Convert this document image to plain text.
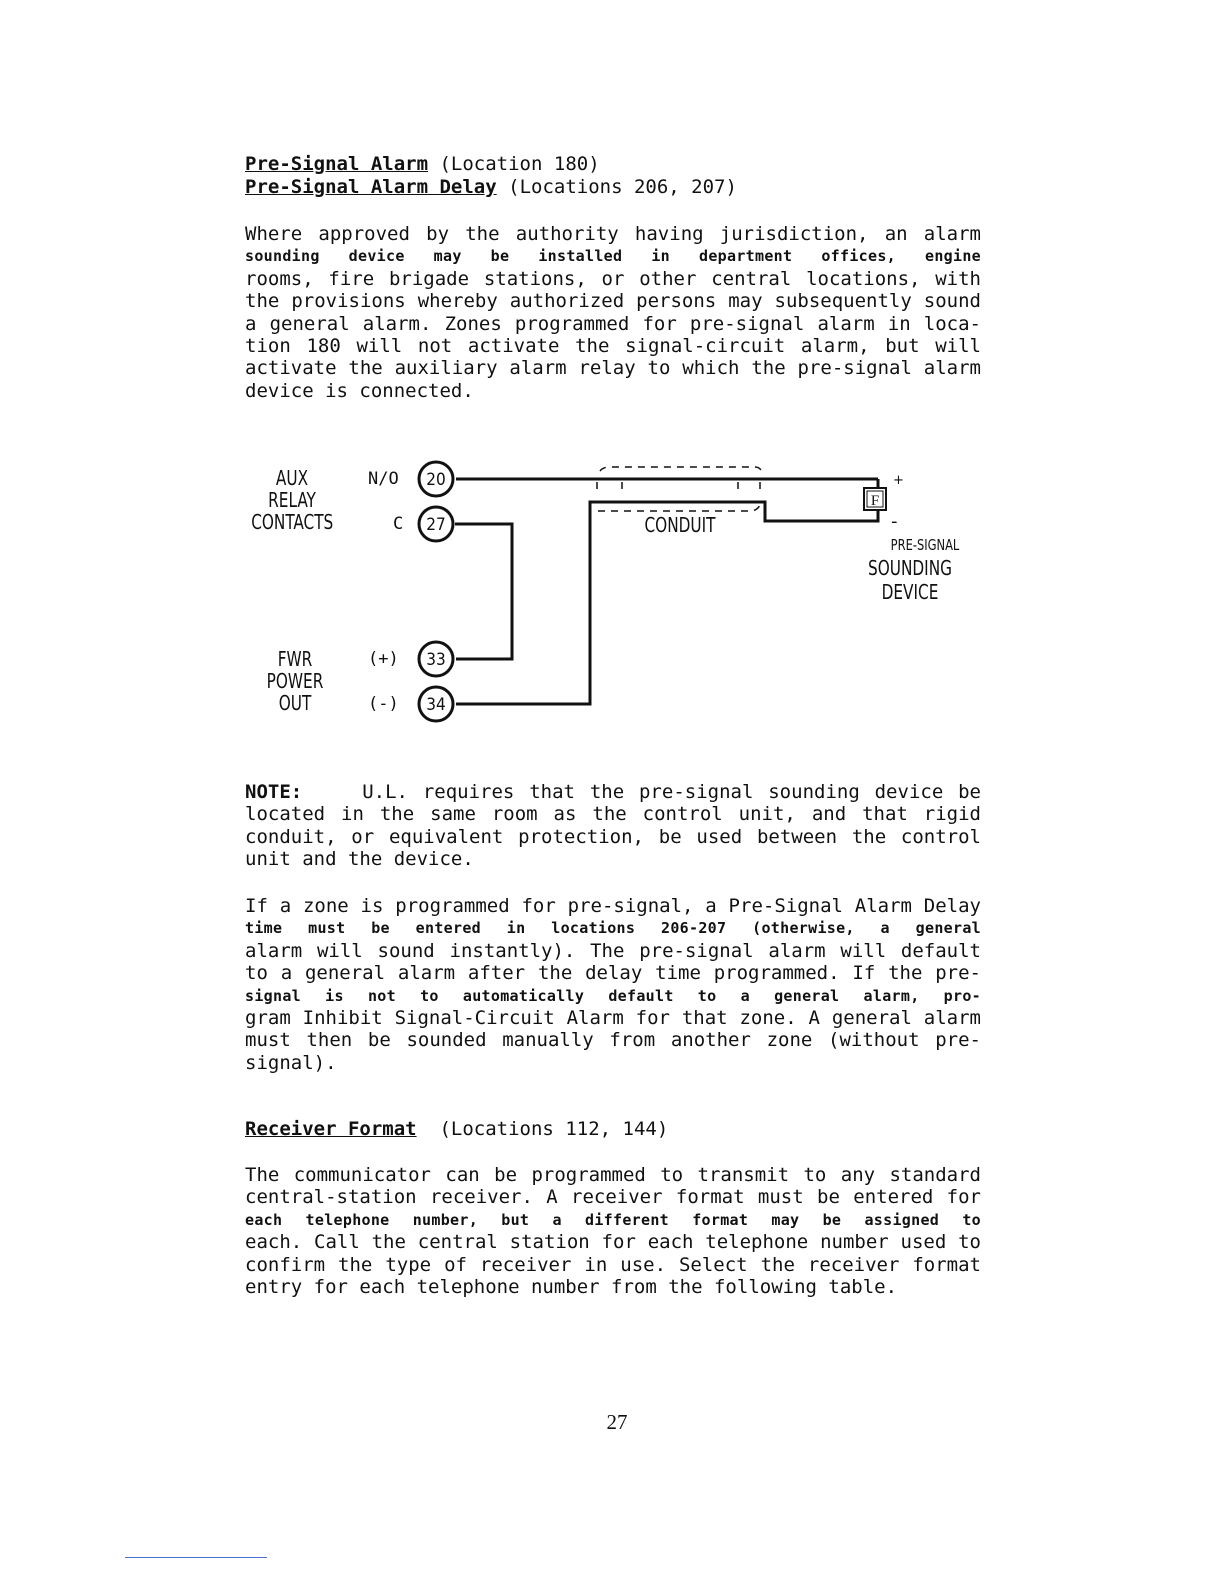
Pre-Signal Alarm (Location 180)
Pre-Signal Alarm Delay (Locations 206, 207)
Where approved by the authority having jurisdiction, an alarm
sounding device may be installed in department offices, engine
rooms, fire brigade stations, or other central locations, with
the provisions whereby authorized persons may subsequently sound
a general alarm. Zones programmed for pre-signal alarm in loca-
tion 180 will not activate the signal-circuit alarm, but will
activate the auxiliary alarm relay to which the pre-signal alarm
device is connected.
20
27
33
34
F
+
-
AUX
RELAY
CONTACTS
FWR
POWER
OUT
N/O
C
(+)
(-)
CONDUIT
PRE-SIGNAL
SOUNDING
DEVICE
NOTE:	U.L. requires that the pre-signal sounding device be
located in the same room as the control unit, and that rigid
conduit, or equivalent protection, be used between the control
unit and the device.
If a zone is programmed for pre-signal, a Pre-Signal Alarm Delay
time must be entered in locations 206-207 (otherwise, a general
alarm will sound instantly). The pre-signal alarm will default
to a general alarm after the delay time programmed. If the pre-
signal is not to automatically default to a general alarm, pro-
gram Inhibit Signal-Circuit Alarm for that zone. A general alarm
must then be sounded manually from another zone (without pre-
signal).
Receiver Format (Locations 112, 144)
The communicator can be programmed to transmit to any standard
central-station receiver. A receiver format must be entered for
each telephone number, but a different format may be assigned to
each. Call the central station for each telephone number used to
confirm the type of receiver in use. Select the receiver format
entry for each telephone number from the following table.
27
